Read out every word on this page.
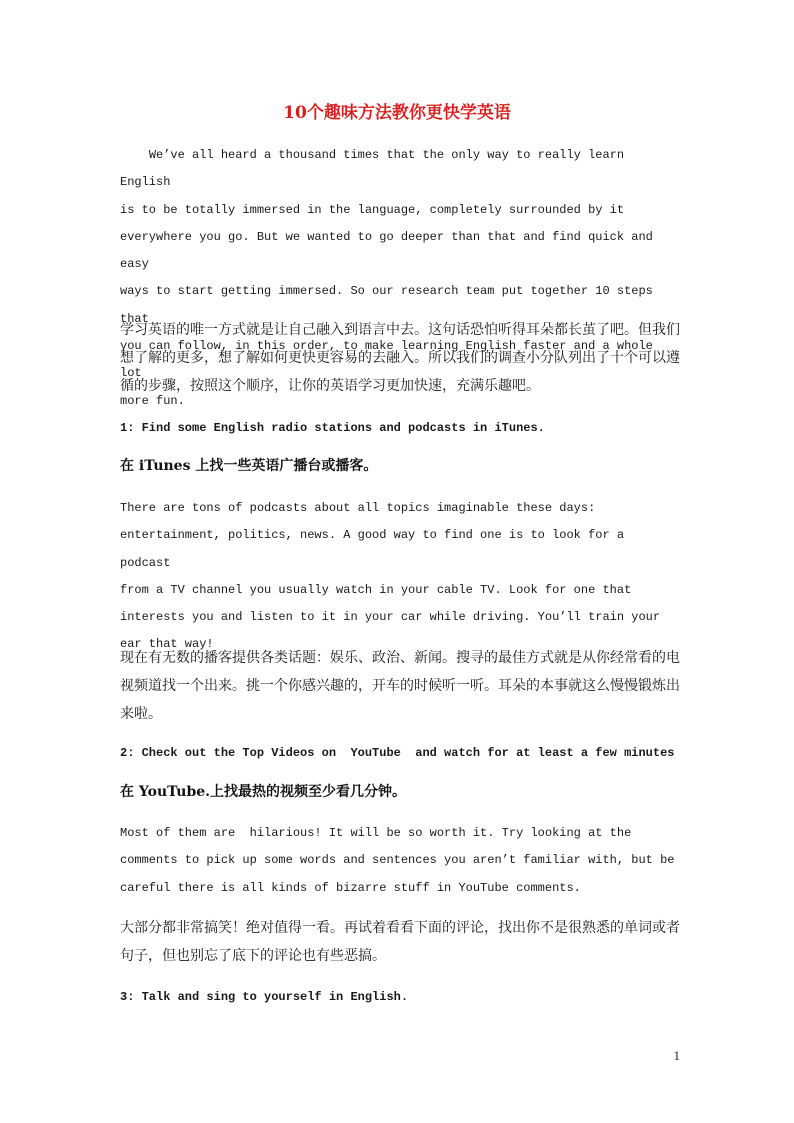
10个趣味方法教你更快学英语
We’ve all heard a thousand times that the only way to really learn English
is to be totally immersed in the language, completely surrounded by it
everywhere you go. But we wanted to go deeper than that and find quick and easy
ways to start getting immersed. So our research team put together 10 steps that
you can follow, in this order, to make learning English faster and a whole lot
more fun.
学习英语的唯一方式就是让自己融入到语言中去。这句话恐怕听得耳朵都长茧了吧。但我们想了解的更多，想了解如何更快更容易的去融入。所以我们的调查小分队列出了十个可以遵循的步骤，按照这个顺序，让你的英语学习更加快速，充满乐趣吧。
1: Find some English radio stations and podcasts in iTunes.
在 iTunes 上找一些英语广播台或播客。
There are tons of podcasts about all topics imaginable these days:
entertainment, politics, news. A good way to find one is to look for a podcast
from a TV channel you usually watch in your cable TV. Look for one that
interests you and listen to it in your car while driving. You’ll train your
ear that way!
现在有无数的播客提供各类话题：娱乐、政治、新闻。搜寻的最佳方式就是从你经常看的电视频道找一个出来。挑一个你感兴趣的，开车的时候听一听。耳朵的本事就这么慢慢锻炼出来啦。
2: Check out the Top Videos on  YouTube  and watch for at least a few minutes
在 YouTube.上找最热的视频至少看几分钟。
Most of them are  hilarious! It will be so worth it. Try looking at the
comments to pick up some words and sentences you aren’t familiar with, but be
careful there is all kinds of bizarre stuff in YouTube comments.
大部分都非常搞笑！绝对值得一看。再试着看看下面的评论，找出你不是很熟悉的单词或者句子，但也别忘了底下的评论也有些恶搞。
3: Talk and sing to yourself in English.
1
